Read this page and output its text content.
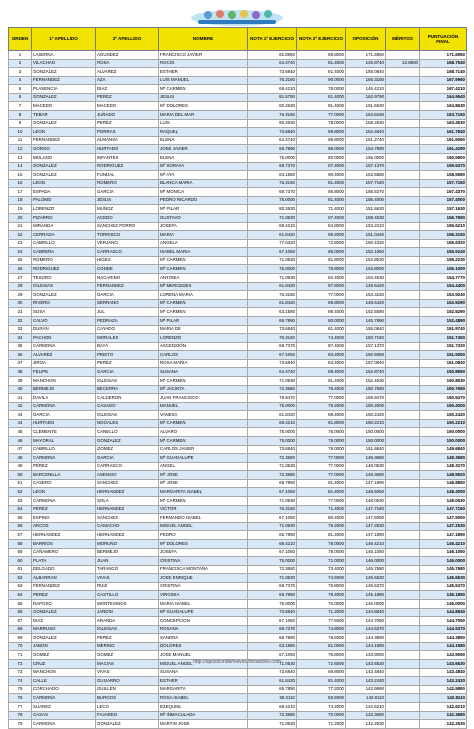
ORDEN	1º APELLIDO	2º APELLIDO	NOMBRE	NOTA 1º EJERCICIO	NOTA 2º EJERCICIO	OPOSICIÓN	MÉRITOS	PUNTUACIÓN FINAL
1	LASERNA	AGUNDEZ	FRANCISCO JAVIER	82.8950	88.8000	171.6950		171.6950
2	VILACHAO	ROSA	ROCIO	64.4740	81.4000	145.8740	22.8800	168.7540
3	GONZALEZ	ALVAREZ	ESTHER	73.6840	81.4000	155.0840		168.7140
4	FERNANDEZ	AZA	LUIS MANUEL	76.3160	90.0000	166.3160		167.9960
5	PLASENCIA	DIAZ	Mª CARMEN	68.4210	78.0000	146.4210		167.4210
6	GONZALEZ	PEREZ	JESUS	81.5790	81.4000	162.9790		164.9540
7	MACEDO	MACEDO	Mº DOLORES	80.2630	81.4000	161.6630		164.8630
8	TEBAR	JURADO	MARIA DEL MAR	76.3160	77.0000	154.8160		163.7160
9	GONZALEZ	PEREZ	LUIS	80.2630	78.0000	158.2630		163.4630
10	LEON	PORRAS	RAQUEL	73.6840	88.8000	162.4840		161.7840
11	FERNANDEZ	ALMANSA	ELENA	64.4740	86.8000	151.2740		161.6060
12	GORGO	HURTADO	JOSE JAVIER	65.7890	89.0000	154.7890		161.4290
13	MOLANO	INFANTES	ELENA	75.0000	80.0000	155.0000		160.5900
14	GONZALEZ	RODRIGUEZ	Mº SORAYA	69.7370	87.4000	157.1370		159.5370
15	GONZALEZ	FUNDAL	Mª AYA	63.1580	90.4000	153.5580		158.5580
16	LEON	ROMERO	BLANCA MARIA	76.3160	81.4000	157.7160		157.7160
17	ESPADA	GARCIA	Mª MONICA	69.7370	86.8000	156.5370		157.4370
18	PALOMO	JESUS	PEDRO RICARDO	75.0000	81.4000	156.4000		157.4000
19	LORENZO	MUÑOZ	Mª PILAR	80.2630	71.4000	151.6630		157.1630
20	PIZARRO	ACEDO	GUSTAVO	71.0530	87.4000	158.4530		156.7590
21	MIRANDA	SANCHEZ PORRO	JOSEFA	68.4210	84.8000	153.2210		156.6210
22	CERRADA	TORRISCO	MARIA	61.8420	89.2000	151.0420		156.3150
23	CABRILLO	VERJANO	ANGELA	77.6320	72.8000	150.4320		155.6320
24	CABRERA	CARRASCO	ISABEL MARIA	67.1050	85.0000	152.1050		155.5240
25	ROMERO	HIGES	Mª CARMEN	71.0530	81.8000	152.8530		155.2230
26	RODRIGUEZ	CONDE	Mª CARMEN	75.0000	78.8000	153.8000		155.1000
27	TESORO	NACARINO	ANTONIA	71.0530	82.4000	153.4530		154.7770
28	IGLESIAS	FERNANDEZ	Mª MERCEDES	61.8420	87.8000	149.6420		154.4400
29	GONZALEZ	GARCIA	LORENA MARIA	76.3160	77.0000	153.3160		153.9240
30	RIVERO	SERRANO	Mª CARMEN	61.8420	86.8000	148.6420		152.9290
31	SOSA	JUL	Mª CARMEN	63.1580	89.4000	152.5580		152.5290
32	CALVO	PEDRAZA	Mª PILAR	65.7890	80.0000	145.7890		152.4890
33	DURAN	CAYADO	MARIA DE	73.6840	81.4000	155.0840		151.9740
34	PACHON	MORALES	LORENZO	76.3160	74.4000	150.7160		151.7450
35	CARMONA	BAYA	ASCENSIÓN	69.7370	87.4000	157.1370		151.7320
36	ALVAREZ	PRIETO	CARLOS	67.1050	83.4000	150.5050		151.5050
37	JIROA	PEREZ	ROSA MARIA	73.6840	83.4000	157.0840		151.0840
38	FELIPE	GARCIA	SUSANA	64.4740	88.4000	152.8740		150.8950
39	MANCHON	IGLESIAS	Mª CARMEN	71.0530	81.4000	152.4530		150.8530
40	BERMEJO	BECERRA	Mª JACINTA	72.3680	78.4000	150.7680		150.7680
41	DAVILA	CALDERON	JUAN FRANCISCO	78.9470	77.0000	155.9470		150.5470
42	CARMONA	CASADO	MANUEL	75.0000	75.2000	150.2000		150.4000
43	GARCIA	IGLESIAS	VANESA	61.8420	88.4000	150.2420		150.2420
44	HURTADO	NOGALES	Mª CARMEN	68.4210	81.8000	150.2210		150.2210
45	CLEMENTE	CANELLO	ALVARO	75.0000	75.0000	150.0000		150.0000
46	MAYORAL	GONZALEZ	Mª CARMEN	75.0000	75.0000	150.0000		150.0000
47	CABRILLO	GOMEZ	CARLOS JAVIER	73.6840	78.0000	151.6840		149.6840
48	CARMONA	GARCIA	Mª GUADALUPE	72.3680	77.0000	149.3680		149.3680
49	PEREZ	CARRASCO	ANGEL	71.0530	77.0000	148.0530		149.3270
50	BARCENILLA	ASENSIO	Mª JOSE	72.3680	77.0000	149.3680		148.9920
51	CASERO	SANCHEZ	Mª JOSE	65.7890	81.4000	147.1890		148.8850
52	LEON	HERNANDEZ	MARGARITA ISABEL	67.1050	81.4000	148.5050		148.4050
53	CARMONA	SOLA	Mª CARMEN	71.0530	77.0000	148.0530		148.0530
54	PEREZ	HERNANDEZ	VICTOR	76.3160	71.4000	147.7160		147.7160
55	ESPINO	SANCHEZ	FERNANDO ISABEL	67.1050	80.4000	147.5050		147.5050
56	ARCOS	CAMACHO	MIGUEL ANGEL	71.0530	76.2000	147.2530		147.2530
57	HERNANDEZ	HERNANDEZ	PEDRO	65.7890	81.4000	147.1890		147.1890
58	BARRIOS	MORUNO	Mº DOLORES	68.4210	78.0000	146.4210		146.4210
59	CAÑAMERO	BERMEJO	JOSEFA	67.1050	79.0000	146.1050		146.1050
60	PLATA	JUAN	CRISTINA	75.0000	71.0000	146.0000		146.0000
61	DELGADO	TARANCO	FRANCISCA MONTAÑA	72.3680	73.4000	145.7680		145.7680
62	ALBARRAN	VIVAS	JOSE ENRIQUE	71.0530	74.6000	145.6530		145.6530
63	FERNANDEZ	RUIZ	CRISTINA	69.7370	75.8000	145.5370		145.5370
64	PEREZ	CASTILLO	VIRGINIA	65.7890	79.4000	145.1890		145.1890
65	RAPOSO	MONTESINOS	MARIA ISABEL	75.0000	70.0000	145.0000		145.0000
66	GONZALEZ	JARDIN	Mª GUADALUPE	73.6840	71.2000	144.8840		144.8840
67	DIAZ	ARANDA	CONCEPCION	67.1050	77.6000	144.7050		144.7050
68	MARRUSO	IGLESIAS	ROSANA	69.7370	74.8000	144.5370		144.5370
69	GONZALEZ	PEREZ	SANDRA	65.7890	78.6000	144.3890		144.3890
70	JABON	MERINO	DOLORES	63.1580	81.0000	144.1580		144.1580
71	GOMEZ	GOMEZ	JOSE MANUEL	67.1050	76.8000	143.9050		143.9050
72	CRUZ	MACIAS	MIGUEL ANGEL	71.0530	72.6000	143.6530		143.6530
73	MANCHON	VIVAS	SUSANA	73.6840	69.8000	143.4840		143.4840
74	CALLE	GUIJARRO	ESTHER	61.8420	81.4000	143.2420		143.2420
75	CORCHADO	GUILLEN	MARGARITA	65.7890	77.2000	142.9890		142.9890
76	CARMONA	BURGOS	ROSA ISABEL	59.2110	83.6000	142.8110		142.8110
77	SUAREZ	LECO	EZEQUIEL	68.4210	74.2000	142.6210		142.6210
78	CASAS	FAJARDO	Mª INMACULADA	72.3680	70.0000	142.3680		142.3680
79	CARMONA	GONZALEZ	MARTIN JOSE	71.0530	71.2000	142.2530		142.2530
http://oposicondemvivos.foroactivo.com
